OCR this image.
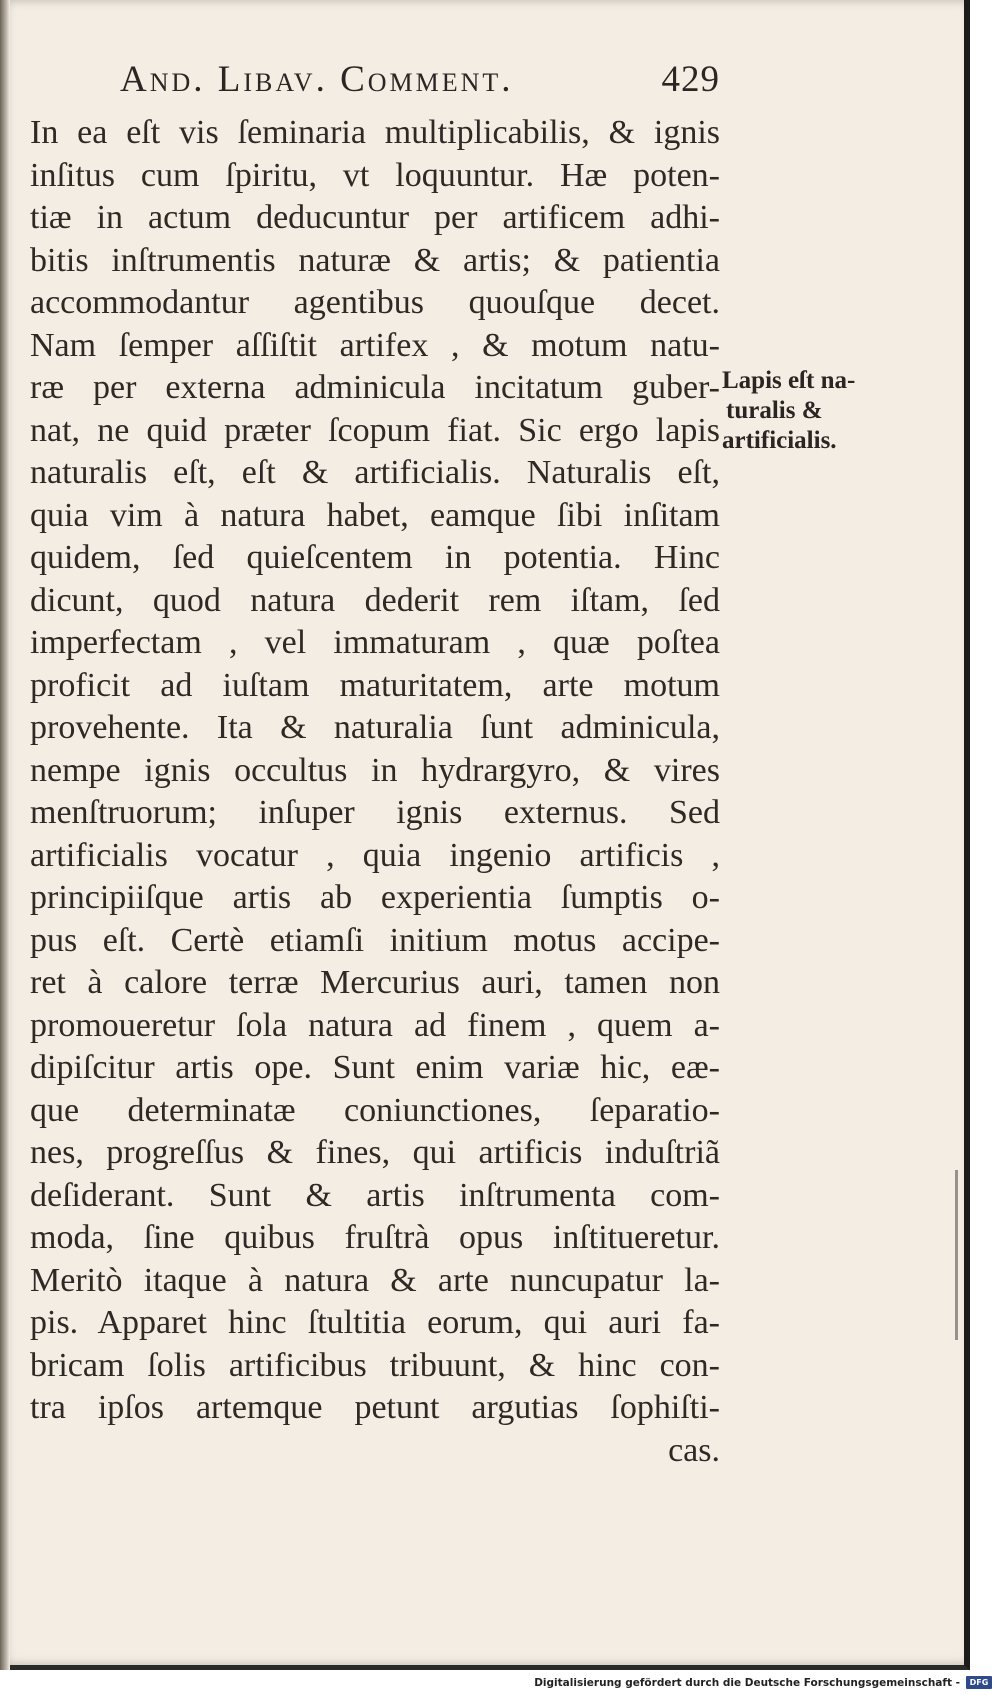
And. Libav. Comment.	429

In ea eſt vis ſeminaria multiplicabilis, & ignis
inſitus cum ſpiritu, vt loquuntur. Hæ poten-
tiæ in actum deducuntur per artificem adhi-
bitis inſtrumentis naturæ & artis; & patientia
accommodantur agentibus quouſque decet.
Nam ſemper aſſiſtit artifex , & motum natu-
ræ per externa adminicula incitatum guber-
nat, ne quid præter ſcopum fiat. Sic ergo lapis
naturalis eſt, eſt & artificialis. Naturalis eſt,
quia vim à natura habet, eamque ſibi inſitam
quidem, ſed quieſcentem in potentia. Hinc
dicunt, quod natura dederit rem iſtam, ſed
imperfectam , vel immaturam , quæ poſtea
proficit ad iuſtam maturitatem, arte motum
provehente. Ita & naturalia ſunt adminicula,
nempe ignis occultus in hydrargyro, & vires
menſtruorum; inſuper ignis externus. Sed
artificialis vocatur , quia ingenio artificis ,
principiiſque artis ab experientia ſumptis o-
pus eſt. Certè etiamſi initium motus accipe-
ret à calore terræ Mercurius auri, tamen non
promoueretur ſola natura ad finem , quem a-
dipiſcitur artis ope. Sunt enim variæ hic, eæ-
que determinatæ coniunctiones, ſeparatio-
nes, progreſſus & fines, qui artificis induſtriã
deſiderant. Sunt & artis inſtrumenta com-
moda, ſine quibus fruſtrà opus inſtitueretur.
Meritò itaque à natura & arte nuncupatur la-
pis. Apparet hinc ſtultitia eorum, qui auri fa-
bricam ſolis artificibus tribuunt, & hinc con-
tra ipſos artemque petunt argutias ſophiſti-
cas.

Lapis eſt na-
turalis &
artificialis.
Digitalisierung gefördert durch die Deutsche Forschungsgemeinschaft -	DFG
